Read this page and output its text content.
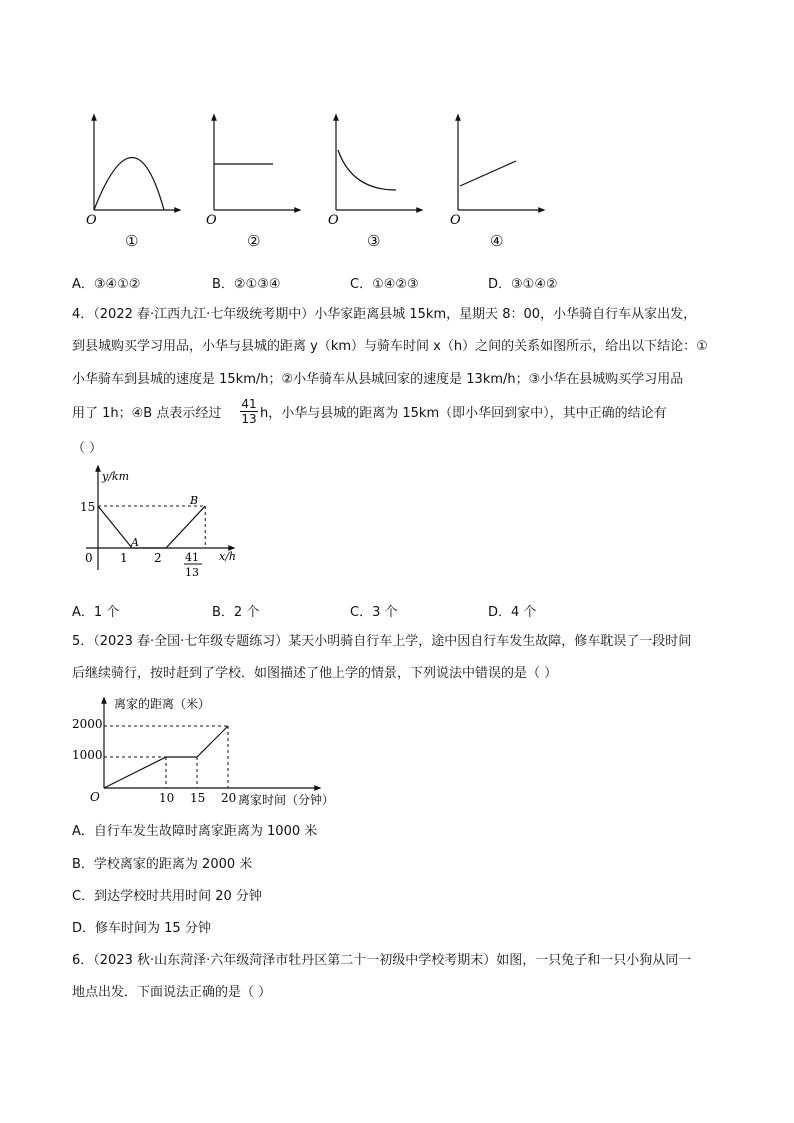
O	O	O	O
①	②	③	④
A．③④①②	B．②①③④	C．①④②③	D．③①④②
4．（2022 春·江西九江·七年级统考期中）小华家距离县城 15km，星期天 8：00，小华骑自行车从家出发，
到县城购买学习用品，小华与县城的距离 y（km）与骑车时间 x（h）之间的关系如图所示，给出以下结论：①
小华骑车到县城的速度是 15km/h；②小华骑车从县城回家的速度是 13km/h；③小华在县城购买学习用品
用了 1h；④B 点表示经过 $\frac{41}{13}$ h，小华与县城的距离为 15km（即小华回到家中），其中正确的结论有
（ ）
y/km
x/h
15
0 1 2 41
13
A
B
A．1 个	B．2 个	C．3 个	D．4 个
5．（2023 春·全国·七年级专题练习）某天小明骑自行车上学，途中因自行车发生故障，修车耽误了一段时间
后继续骑行，按时赶到了学校．如图描述了他上学的情景，下列说法中错误的是（ ）
离家的距离（米）
离家时间（分钟）
O
2000
1000
10 15 20
A．自行车发生故障时离家距离为 1000 米
B．学校离家的距离为 2000 米
C．到达学校时共用时间 20 分钟
D．修车时间为 15 分钟
6．（2023 秋·山东菏泽·六年级菏泽市牡丹区第二十一初级中学校考期末）如图，一只兔子和一只小狗从同一
地点出发．下面说法正确的是（ ）
